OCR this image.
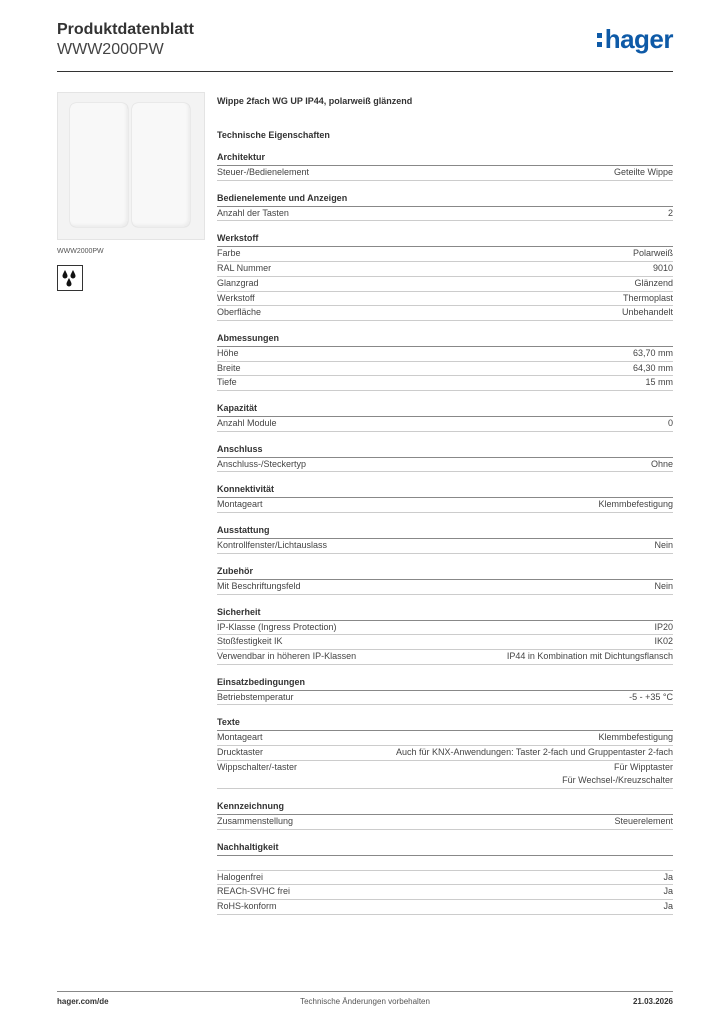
Produktdatenblatt
WWW2000PW	hager
WWW2000PW
Wippe 2fach WG UP IP44, polarweiß glänzend
Technische Eigenschaften
Architektur
Steuer-/Bedienelement	Geteilte Wippe
Bedienelemente und Anzeigen
Anzahl der Tasten	2
Werkstoff
Farbe	Polarweiß
RAL Nummer	9010
Glanzgrad	Glänzend
Werkstoff	Thermoplast
Oberfläche	Unbehandelt
Abmessungen
Höhe	63,70 mm
Breite	64,30 mm
Tiefe	15 mm
Kapazität
Anzahl Module	0
Anschluss
Anschluss-/Steckertyp	Ohne
Konnektivität
Montageart	Klemmbefestigung
Ausstattung
Kontrollfenster/Lichtauslass	Nein
Zubehör
Mit Beschriftungsfeld	Nein
Sicherheit
IP-Klasse (Ingress Protection)	IP20
Stoßfestigkeit IK	IK02
Verwendbar in höheren IP-Klassen	IP44 in Kombination mit Dichtungsflansch
Einsatzbedingungen
Betriebstemperatur	-5 - +35 °C
Texte
Montageart	Klemmbefestigung
Drucktaster	Auch für KNX-Anwendungen: Taster 2-fach und Gruppentaster 2-fach
Wippschalter/-taster	Für Wipptaster
Für Wechsel-/Kreuzschalter
Kennzeichnung
Zusammenstellung	Steuerelement
Nachhaltigkeit

Halogenfrei	Ja
REACh-SVHC frei	Ja
RoHS-konform	Ja
hager.com/de	Technische Änderungen vorbehalten	21.03.2026
